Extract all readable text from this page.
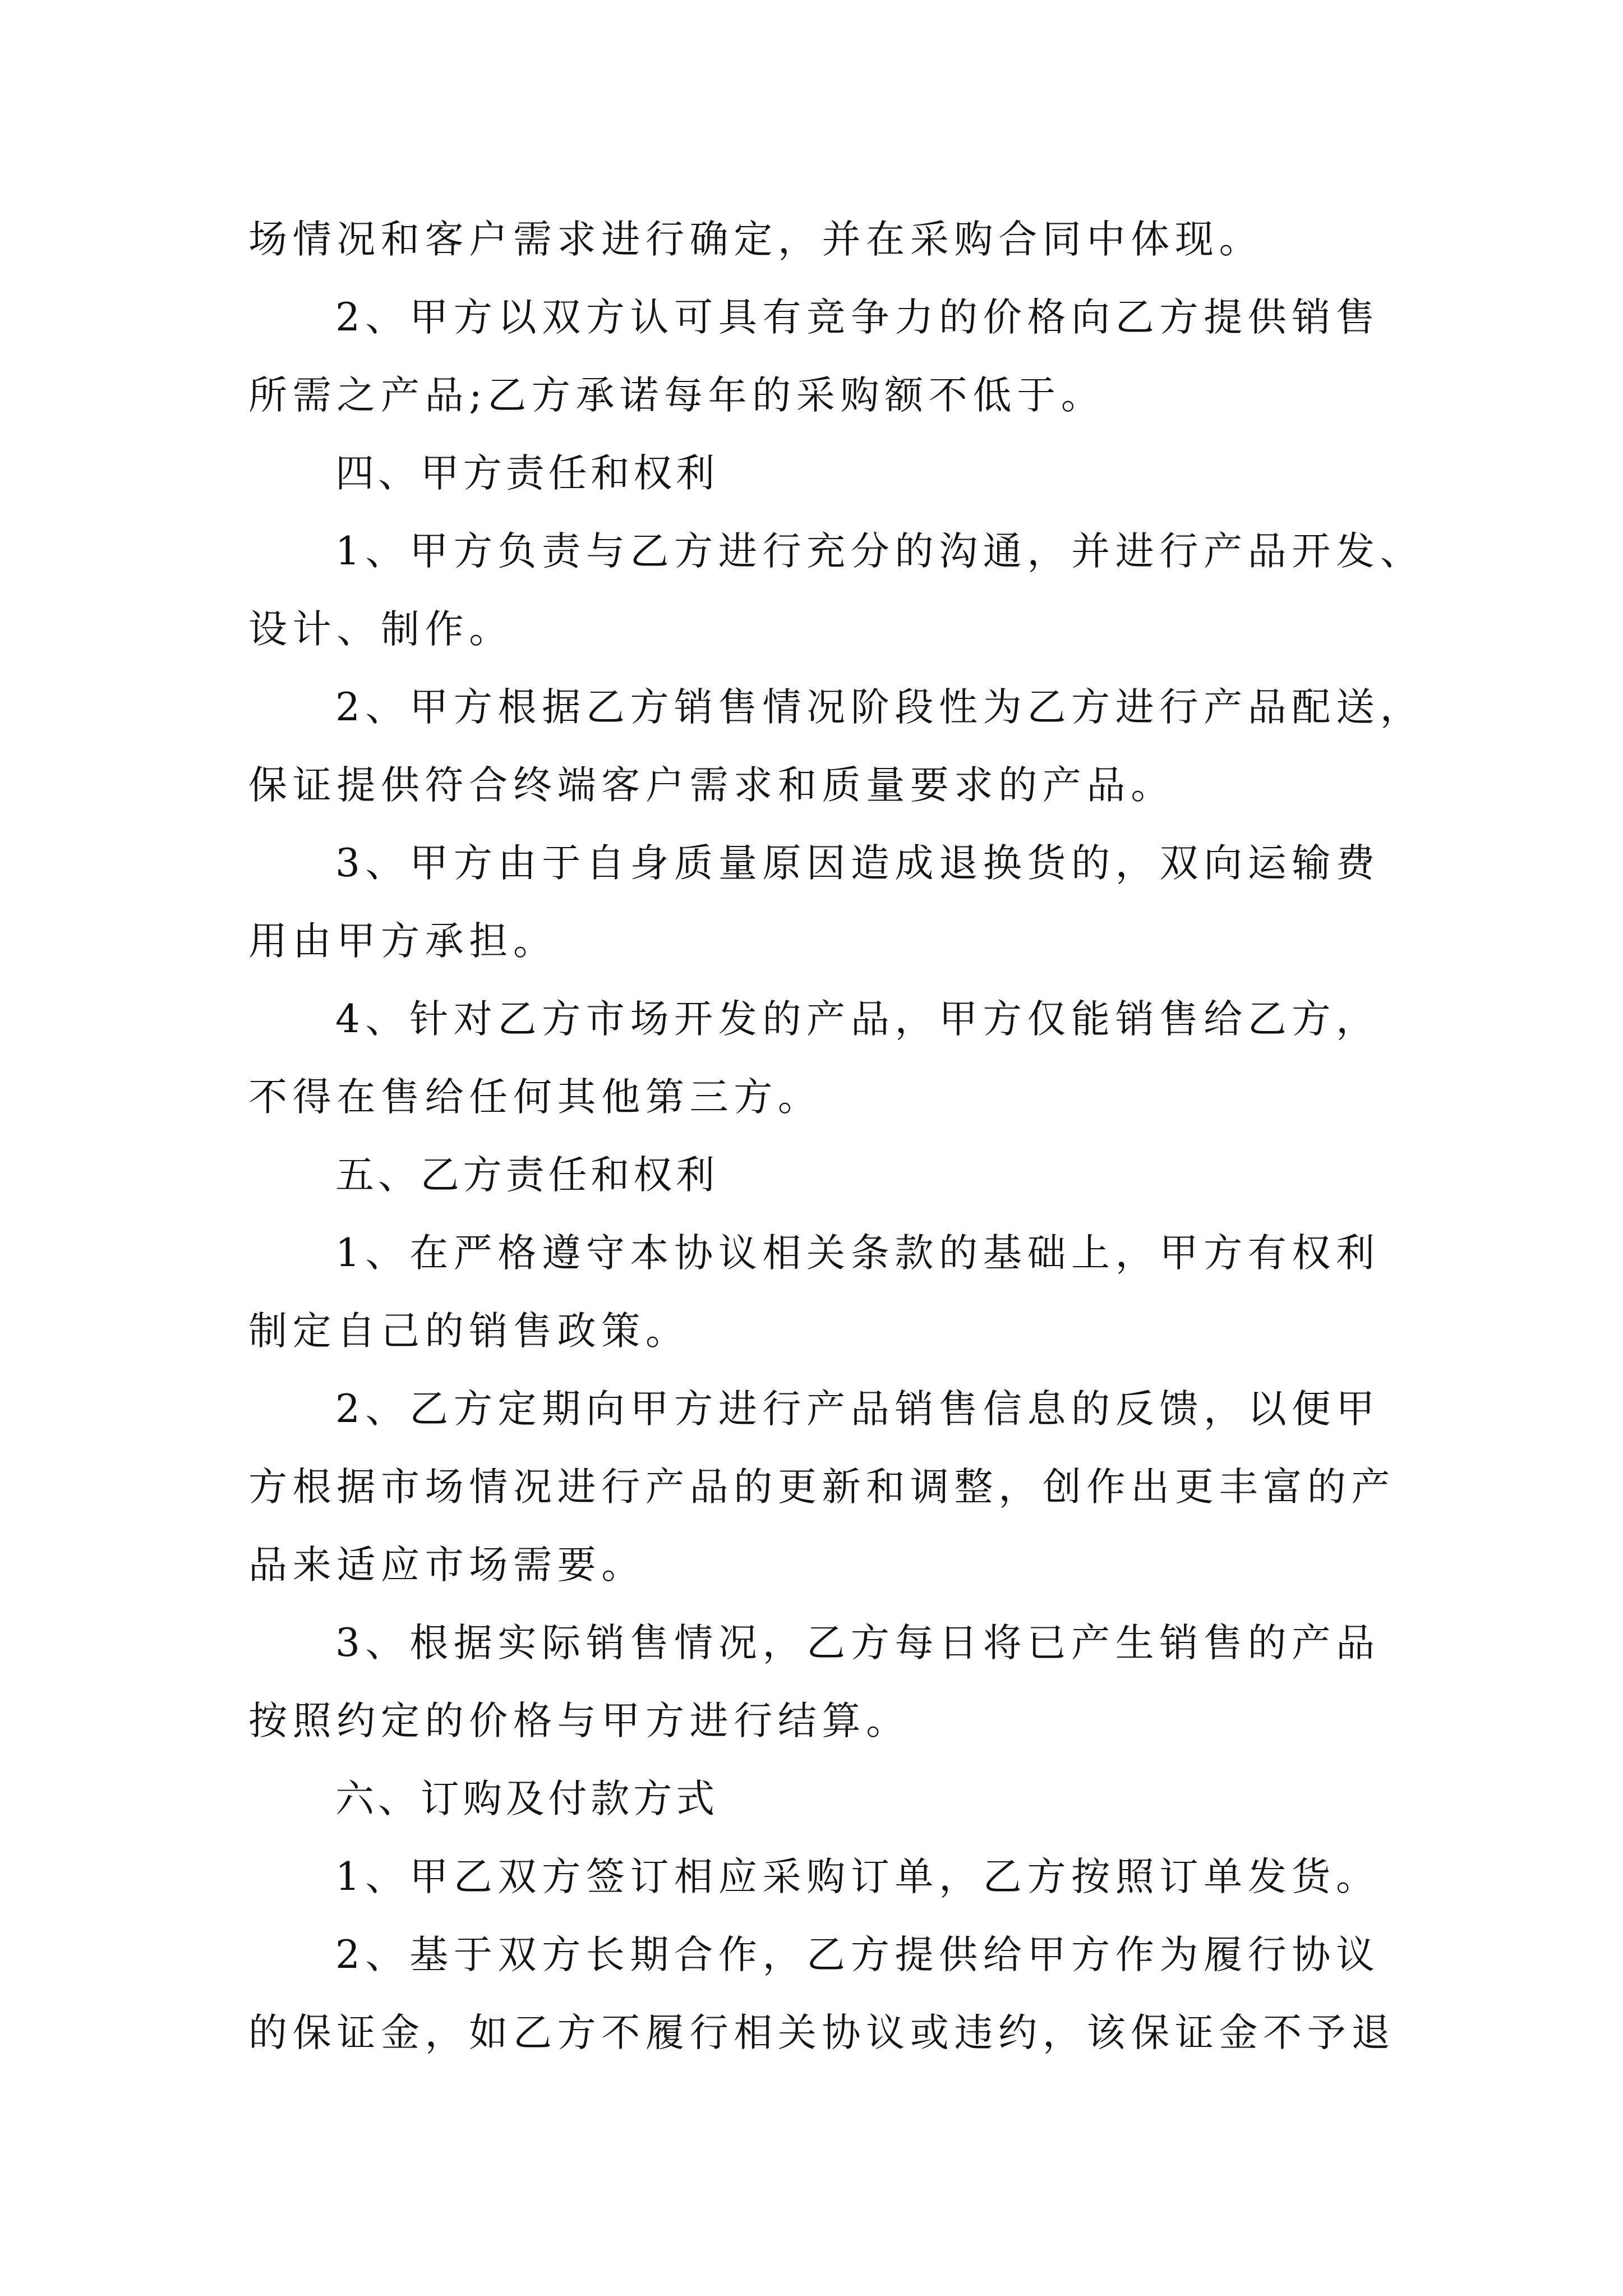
场情况和客户需求进行确定，并在采购合同中体现。
2、甲方以双方认可具有竞争力的价格向乙方提供销售
所需之产品;乙方承诺每年的采购额不低于。
四、甲方责任和权利
1、甲方负责与乙方进行充分的沟通，并进行产品开发、
设计、制作。
2、甲方根据乙方销售情况阶段性为乙方进行产品配送，
保证提供符合终端客户需求和质量要求的产品。
3、甲方由于自身质量原因造成退换货的，双向运输费
用由甲方承担。
4、针对乙方市场开发的产品，甲方仅能销售给乙方，
不得在售给任何其他第三方。
五、乙方责任和权利
1、在严格遵守本协议相关条款的基础上，甲方有权利
制定自己的销售政策。
2、乙方定期向甲方进行产品销售信息的反馈，以便甲
方根据市场情况进行产品的更新和调整，创作出更丰富的产
品来适应市场需要。
3、根据实际销售情况，乙方每日将已产生销售的产品
按照约定的价格与甲方进行结算。
六、订购及付款方式
1、甲乙双方签订相应采购订单，乙方按照订单发货。
2、基于双方长期合作，乙方提供给甲方作为履行协议
的保证金，如乙方不履行相关协议或违约，该保证金不予退
